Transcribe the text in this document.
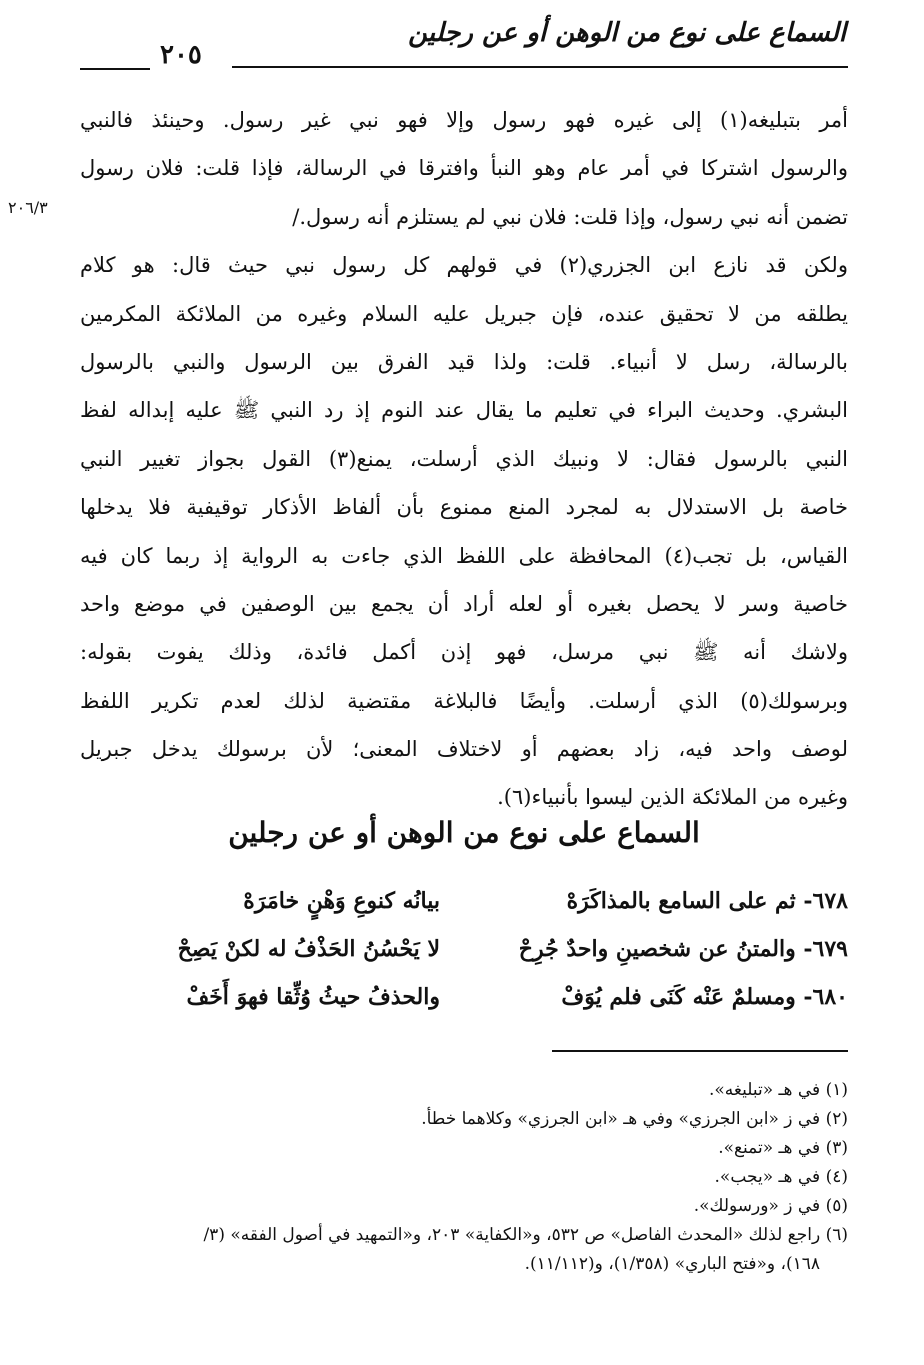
السماع على نوع من الوهن أو عن رجلين
٢٠٥
٢٠٦/٣
أمر بتبليغه(١) إلى غيره فهو رسول وإلا فهو نبي غير رسول. وحينئذ فالنبي
والرسول اشتركا في أمر عام وهو النبأ وافترقا في الرسالة، فإذا قلت: فلان رسول
تضمن أنه نبي رسول، وإذا قلت: فلان نبي لم يستلزم أنه رسول./
ولكن قد نازع ابن الجزري(٢) في قولهم كل رسول نبي حيث قال: هو كلام
يطلقه من لا تحقيق عنده، فإن جبريل عليه السلام وغيره من الملائكة المكرمين
بالرسالة، رسل لا أنبياء. قلت: ولذا قيد الفرق بين الرسول والنبي بالرسول
البشري. وحديث البراء في تعليم ما يقال عند النوم إذ رد النبي ﷺ عليه إبداله لفظ
النبي بالرسول فقال: لا ونبيك الذي أرسلت، يمنع(٣) القول بجواز تغيير النبي
خاصة بل الاستدلال به لمجرد المنع ممنوع بأن ألفاظ الأذكار توقيفية فلا يدخلها
القياس، بل تجب(٤) المحافظة على اللفظ الذي جاءت به الرواية إذ ربما كان فيه
خاصية وسر لا يحصل بغيره أو لعله أراد أن يجمع بين الوصفين في موضع واحد
ولاشك أنه ﷺ نبي مرسل، فهو إذن أكمل فائدة، وذلك يفوت بقوله:
وبرسولك(٥) الذي أرسلت. وأيضًا فالبلاغة مقتضية لذلك لعدم تكرير اللفظ
لوصف واحد فيه، زاد بعضهم أو لاختلاف المعنى؛ لأن برسولك يدخل جبريل
وغيره من الملائكة الذين ليسوا بأنبياء(٦).
السماع على نوع من الوهن أو عن رجلين
٦٧٨- ثم على السامع بالمذاكَرَهْ
بيانُه كنوعِ وَهْنٍ خامَرَهْ
٦٧٩- والمتنُ عن شخصينِ واحدٌ جُرِحْ
لا يَحْسُنُ الحَذْفُ له لكنْ يَصِحْ
٦٨٠- ومسلمٌ عَنْه كَنَى فلم يُوَفْ
والحذفُ حيثُ وُثِّقا فهوَ أَخَفْ
(١) في هـ «تبليغه».
(٢) في ز «ابن الجرزي» وفي هـ «ابن الجرزي» وكلاهما خطأ.
(٣) في هـ «تمنع».
(٤) في هـ «يجب».
(٥) في ز «ورسولك».
(٦) راجع لذلك «المحدث الفاصل» ص ٥٣٢، و«الكفاية» ٢٠٣، و«التمهيد في أصول الفقه» (٣/
١٦٨)، و«فتح الباري» (١/٣٥٨)، و(١١/١١٢).
